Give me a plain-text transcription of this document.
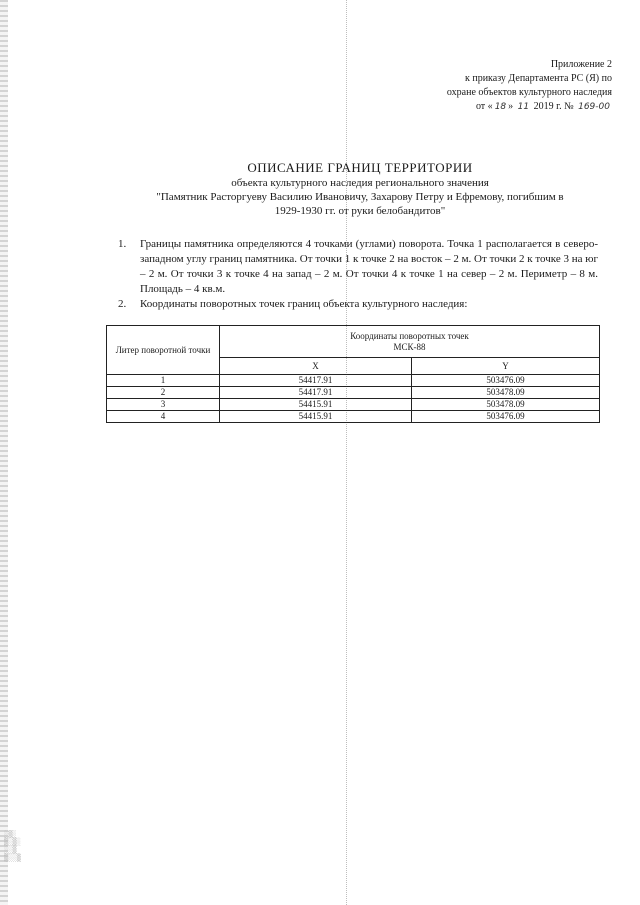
Приложение 2
к приказу Департамента РС (Я) по
охране объектов культурного наследия
от « 18 » 11 2019 г. № 169-00
ОПИСАНИЕ ГРАНИЦ ТЕРРИТОРИИ
объекта культурного наследия регионального значения
"Памятник Расторгуеву Василию Ивановичу, Захарову Петру и Ефремову, погибшим в
1929-1930 гг. от руки белобандитов"
1.	Границы памятника определяются 4 точками (углами) поворота. Точка 1 располагается в северо-западном углу границ памятника. От точки 1 к точке 2 на восток – 2 м. От точки 2 к точке 3 на юг – 2 м. От точки 3 к точке 4 на запад – 2 м. От точки 4 к точке 1 на север – 2 м. Периметр – 8 м. Площадь – 4 кв.м.
2.	Координаты поворотных точек границ объекта культурного наследия:
Литер поворотной точки	Координаты поворотных точек
МСК-88	

	X	Y
1	54417.91	503476.09
2	54417.91	503478.09
3	54415.91	503478.09
4	54415.91	503476.09
░▒░
▒░▒░
░░▒
▒░░▒
